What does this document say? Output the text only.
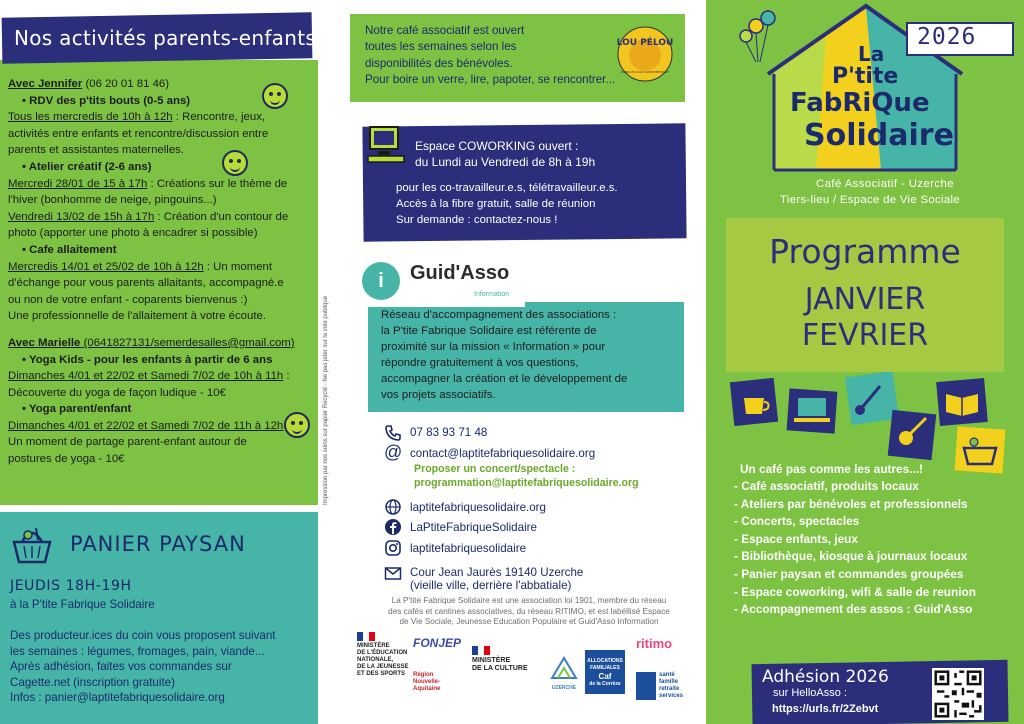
Nos activités parents-enfants
Avec Jennifer (06 20 01 81 46)
• RDV des p'tits bouts (0-5 ans)
Tous les mercredis de 10h à 12h : Rencontre, jeux,
activités entre enfants et rencontre/discussion entre
parents et assistantes maternelles.
• Atelier créatif (2-6 ans)
Mercredi 28/01 de 15 à 17h : Créations sur le thème de
l'hiver (bonhomme de neige, pingouins...)
Vendredi 13/02 de 15h à 17h : Création d'un contour de
photo (apporter une photo à encadrer si possible)
• Cafe allaitement
Mercredis 14/01 et 25/02 de 10h à 12h : Un moment
d'échange pour vous parents allaitants, accompagné.e
ou non de votre enfant - coparents bienvenus :)
Une professionnelle de l'allaitement à votre écoute.
Avec Marielle (0641827131/semerdesailes@gmail.com)
• Yoga Kids - pour les enfants à partir de 6 ans
Dimanches 4/01 et 22/02 et Samedi 7/02 de 10h à 11h :
Découverte du yoga de façon ludique - 10€
• Yoga parent/enfant
Dimanches 4/01 et 22/02 et Samedi 7/02 de 11h à 12h
Un moment de partage parent-enfant autour de
postures de yoga - 10€	Impression par nos soins sur papier Recyclé - Ne pas jeter sur la voie publique
PANIER PAYSAN
JEUDIS 18H-19H
à la P'tite Fabrique Solidaire
Des producteur.ices du coin vous proposent suivant
les semaines : légumes, fromages, pain, viande...
Après adhésion, faites vos commandes sur
Cagette.net (inscription gratuite)
Infos : panier@laptitefabriquesolidaire.org
Notre café associatif est ouvert
toutes les semaines selon les
disponibilités des bénévoles.
Pour boire un verre, lire, papoter, se rencontrer...
LOU PÉLOU
MONNAIE LOCALE COMPLÉMENTAIRE
Espace COWORKING ouvert :
du Lundi au Vendredi de 8h à 19h
pour les co-travailleur.e.s, télétravailleur.e.s.
Accès à la fibre gratuit, salle de réunion
Sur demande : contactez-nous !
i	Guid'Asso
Information
Réseau d'accompagnement des associations :
la P'tite Fabrique Solidaire est référente de
proximité sur la mission « Information » pour
répondre gratuitement à vos questions,
accompagner la création et le développement de
vos projets associatifs.
07 83 93 71 48
@ contact@laptitefabriquesolidaire.org
Proposer un concert/spectacle :
programmation@laptitefabriquesolidaire.org
laptitefabriquesolidaire.org
LaPtiteFabriqueSolidaire
laptitefabriquesolidaire
Cour Jean Jaurès 19140 Uzerche
(vieille ville, derrière l'abbatiale)
La P'tite Fabrique Solidaire est une association loi 1901, membre du réseau
des cafés et cantines associatives, du réseau RITIMO, et est labéllisé Espace
de Vie Sociale, Jeunesse Education Populaire et Guid'Asso Information
MINISTÈRE
DE L'ÉDUCATION
NATIONALE,
DE LA JEUNESSE
ET DES SPORTS
FONJEP
Région
Nouvelle-
Aquitaine
MINISTÈRE
DE LA CULTURE
UZERCHE
ALLOCATIONS
FAMILIALES
Caf
de la Corrèze
ritimo
santé
famille
retraite
services
2026
La
P'tite
FabRiQue
Solidaire
Café Associatif - Uzerche
Tiers-lieu / Espace de Vie Sociale
Programme
JANVIER
FEVRIER
Un café pas comme les autres...!
- Café associatif, produits locaux
- Ateliers par bénévoles et professionnels
- Concerts, spectacles
- Espace enfants, jeux
- Bibliothèque, kiosque à journaux locaux
- Panier paysan et commandes groupées
- Espace coworking, wifi & salle de reunion
- Accompagnement des assos : Guid'Asso
Adhésion 2026
sur HelloAsso :
https://urls.fr/2Zebvt
